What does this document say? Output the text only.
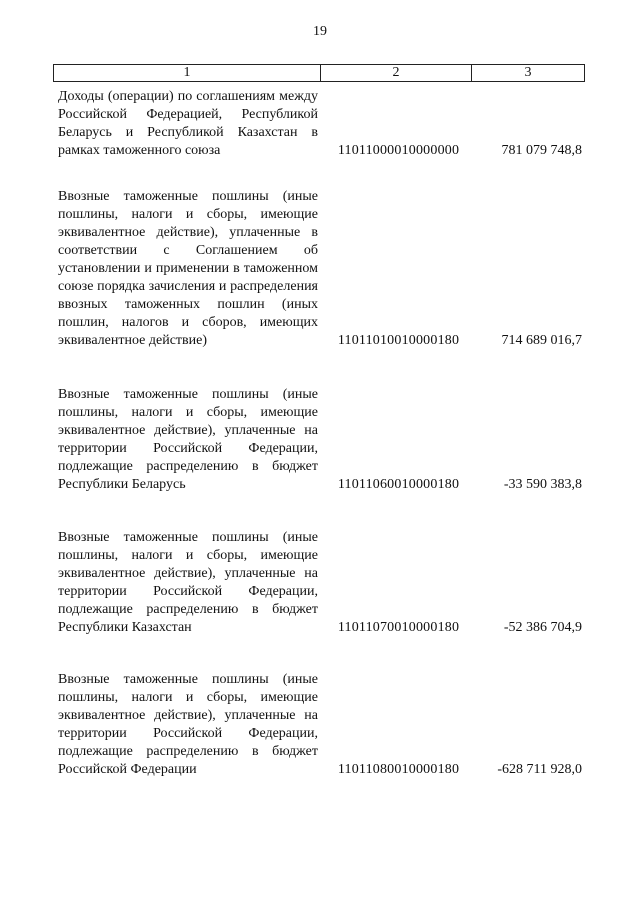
19
1	2	3
Доходы (операции) по соглашениям между Российской Федерацией, Республикой Беларусь и Республикой Казахстан в рамках таможенного союза	11011000010000000	781 079 748,8
Ввозные таможенные пошлины (иные пошлины, налоги и сборы, имеющие эквивалентное действие), уплаченные в соответствии с Соглашением об установлении и применении в таможенном союзе порядка зачисления и распределения ввозных таможенных пошлин (иных пошлин, налогов и сборов, имеющих эквивалентное действие)	11011010010000180	714 689 016,7
Ввозные таможенные пошлины (иные пошлины, налоги и сборы, имеющие эквивалентное действие), уплаченные на территории Российской Федерации, подлежащие распределению в бюджет Республики Беларусь	11011060010000180	-33 590 383,8
Ввозные таможенные пошлины (иные пошлины, налоги и сборы, имеющие эквивалентное действие), уплаченные на территории Российской Федерации, подлежащие распределению в бюджет Республики Казахстан	11011070010000180	-52 386 704,9
Ввозные таможенные пошлины (иные пошлины, налоги и сборы, имеющие эквивалентное действие), уплаченные на территории Российской Федерации, подлежащие распределению в бюджет Российской Федерации	11011080010000180	-628 711 928,0
